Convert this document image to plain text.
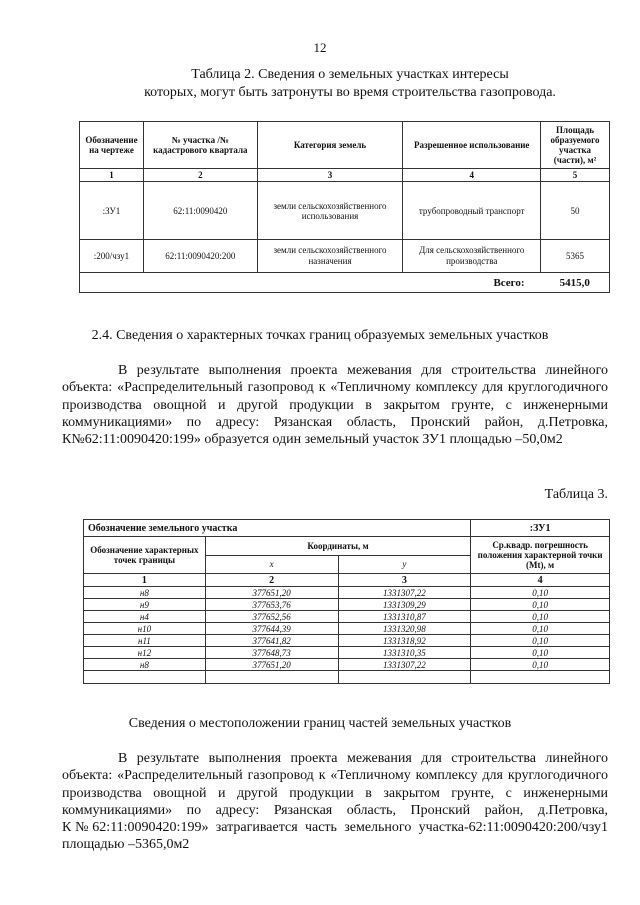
12
Таблица 2. Сведения о земельных участках интересы
которых, могут быть затронуты во время строительства газопровода.
Обозначение на чертеже	№ участка /№ кадастрового квартала	Категория земель	Разрешенное использование	Площадь образуемого участка (части), м²
1	2	3	4	5
:ЗУ1	62:11:0090420	земли сельскохозяйственного использования	трубопроводный транспорт	50
:200/чзу1	62:11:0090420:200	земли сельскохозяйственного назначения	Для сельскохозяйственного производства	5365
Всего:				5415,0
2.4. Сведения о характерных точках границ образуемых земельных участков
В результате выполнения проекта межевания для строительства линейного объекта: «Распределительный газопровод к «Тепличному комплексу для круглогодичного производства овощной и другой продукции в закрытом грунте, с инженерными коммуникациями» по адресу: Рязанская область, Пронский район, д.Петровка, К№62:11:0090420:199» образуется один земельный участок ЗУ1 площадью –50,0м2
Таблица 3.
Обозначение земельного участка			:ЗУ1
Обозначение характерных точек границы	Координаты, м		Ср.квадр. погрешность положения характерной точки (Mt), м
	x	y	
1	2	3	4
н8	377651,20	1331307,22	0,10
н9	377653,76	1331309,29	0,10
н4	377652,56	1331310,87	0,10
н10	377644,39	1331320,98	0,10
н11	377641,82	1331318,92	0,10
н12	377648,73	1331310,35	0,10
н8	377651,20	1331307,22	0,10

Сведения о местоположении границ частей земельных участков
В результате выполнения проекта межевания для строительства линейного объекта: «Распределительный газопровод к «Тепличному комплексу для круглогодичного производства овощной и другой продукции в закрытом грунте, с инженерными коммуникациями» по адресу: Рязанская область, Пронский район, д.Петровка, К№62:11:0090420:199» затрагивается часть земельного участка-62:11:0090420:200/чзу1 площадью –5365,0м2
